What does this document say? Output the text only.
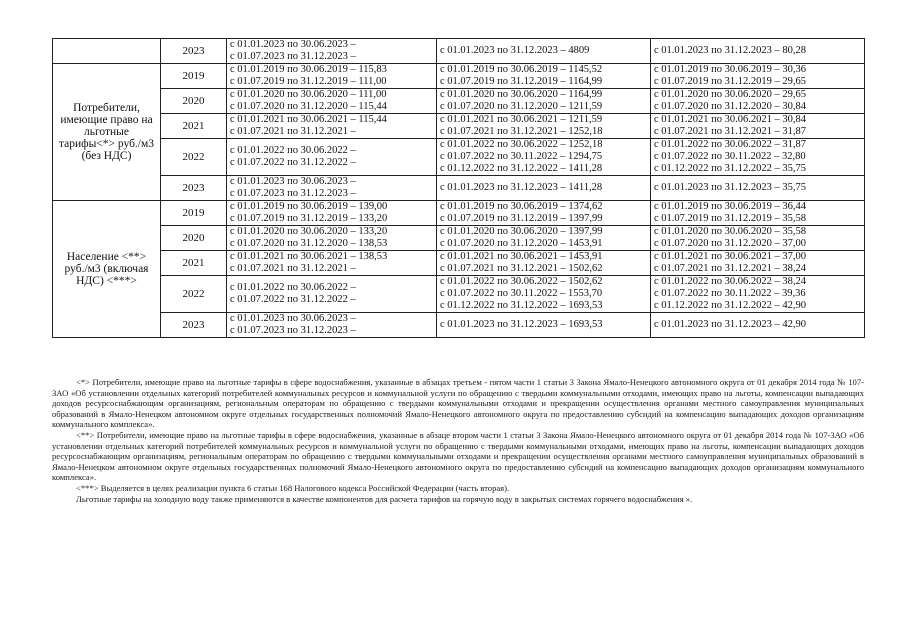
	2023	с 01.01.2023 по 30.06.2023 –
с 01.07.2023 по 31.12.2023 –	с 01.01.2023 по 31.12.2023 – 4809	с 01.01.2023 по 31.12.2023 – 80,28

Потребители, имеющие право на льготные тарифы<*> руб./м3 (без НДС)	2019	с 01.01.2019 по 30.06.2019 – 115,83
с 01.07.2019 по 31.12.2019 – 111,00	с 01.01.2019 по 30.06.2019 – 1145,52
с 01.07.2019 по 31.12.2019 – 1164,99	с 01.01.2019 по 30.06.2019 – 30,36
с 01.07.2019 по 31.12.2019 – 29,65

	2020	с 01.01.2020 по 30.06.2020 – 111,00
с 01.07.2020 по 31.12.2020 – 115,44	с 01.01.2020 по 30.06.2020 – 1164,99
с 01.07.2020 по 31.12.2020 – 1211,59	с 01.01.2020 по 30.06.2020 – 29,65
с 01.07.2020 по 31.12.2020 – 30,84

	2021	с 01.01.2021 по 30.06.2021 – 115,44
с 01.07.2021 по 31.12.2021 –	с 01.01.2021 по 30.06.2021 – 1211,59
с 01.07.2021 по 31.12.2021 – 1252,18	с 01.01.2021 по 30.06.2021 – 30,84
с 01.07.2021 по 31.12.2021 – 31,87

	2022	с 01.01.2022 по 30.06.2022 –
с 01.07.2022 по 31.12.2022 –	с 01.01.2022 по 30.06.2022 – 1252,18
с 01.07.2022 по 30.11.2022 – 1294,75
с 01.12.2022 по 31.12.2022 – 1411,28	с 01.01.2022 по 30.06.2022 – 31,87
с 01.07.2022 по 30.11.2022 – 32,80
с 01.12.2022 по 31.12.2022 – 35,75

	2023	с 01.01.2023 по 30.06.2023 –
с 01.07.2023 по 31.12.2023 –	с 01.01.2023 по 31.12.2023 – 1411,28	с 01.01.2023 по 31.12.2023 – 35,75

Население <**> руб./м3 (включая НДС) <***>	2019	с 01.01.2019 по 30.06.2019 – 139,00
с 01.07.2019 по 31.12.2019 – 133,20	с 01.01.2019 по 30.06.2019 – 1374,62
с 01.07.2019 по 31.12.2019 – 1397,99	с 01.01.2019 по 30.06.2019 – 36,44
с 01.07.2019 по 31.12.2019 – 35,58

	2020	с 01.01.2020 по 30.06.2020 – 133,20
с 01.07.2020 по 31.12.2020 – 138,53	с 01.01.2020 по 30.06.2020 – 1397,99
с 01.07.2020 по 31.12.2020 – 1453,91	с 01.01.2020 по 30.06.2020 – 35,58
с 01.07.2020 по 31.12.2020 – 37,00

	2021	с 01.01.2021 по 30.06.2021 – 138,53
с 01.07.2021 по 31.12.2021 –	с 01.01.2021 по 30.06.2021 – 1453,91
с 01.07.2021 по 31.12.2021 – 1502,62	с 01.01.2021 по 30.06.2021 – 37,00
с 01.07.2021 по 31.12.2021 – 38,24

	2022	с 01.01.2022 по 30.06.2022 –
с 01.07.2022 по 31.12.2022 –	с 01.01.2022 по 30.06.2022 – 1502,62
с 01.07.2022 по 30.11.2022 – 1553,70
с 01.12.2022 по 31.12.2022 – 1693,53	с 01.01.2022 по 30.06.2022 – 38,24
с 01.07.2022 по 30.11.2022 – 39,36
с 01.12.2022 по 31.12.2022 – 42,90

	2023	с 01.01.2023 по 30.06.2023 –
с 01.07.2023 по 31.12.2023 –	с 01.01.2023 по 31.12.2023 – 1693,53	с 01.01.2023 по 31.12.2023 – 42,90

<*> Потребители, имеющие право на льготные тарифы в сфере водоснабжения, указанные в абзацах третьем - пятом части 1 статьи 3 Закона Ямало-Ненецкого автономного округа от 01 декабря 2014 года № 107-ЗАО «Об установлении отдельных категорий потребителей коммунальных ресурсов и коммунальной услуги по обращению с твердыми коммунальными отходами, имеющих право на льготы, компенсации выпадающих доходов ресурсоснабжающим организациям, региональным операторам по обращению с твердыми коммунальными отходами и прекращении осуществления органами местного самоуправления муниципальных образований в Ямало-Ненецком автономном округе отдельных государственных полномочий Ямало-Ненецкого автономного округа по предоставлению субсидий на компенсацию выпадающих доходов организациям коммунального комплекса».

<**> Потребители, имеющие право на льготные тарифы в сфере водоснабжения, указанные в абзаце втором части 1 статьи 3 Закона Ямало-Ненецкого автономного округа от 01 декабря 2014 года № 107-ЗАО «Об установлении отдельных категорий потребителей коммунальных ресурсов и коммунальной услуги по обращению с твердыми коммунальными отходами, имеющих право на льготы, компенсации выпадающих доходов ресурсоснабжающим организациям, региональным операторам по обращению с твердыми коммунальными отходами и прекращении осуществления органами местного самоуправления муниципальных образований в Ямало-Ненецком автономном округе отдельных государственных полномочий Ямало-Ненецкого автономного округа по предоставлению субсидий на компенсацию выпадающих доходов организациям коммунального комплекса».

<***> Выделяется в целях реализации пункта 6 статьи 168 Налогового кодекса Российской Федерации (часть вторая).

Льготные тарифы на холодную воду также применяются в качестве компонентов для расчета тарифов на горячую воду в закрытых системах горячего водоснабжения ».
